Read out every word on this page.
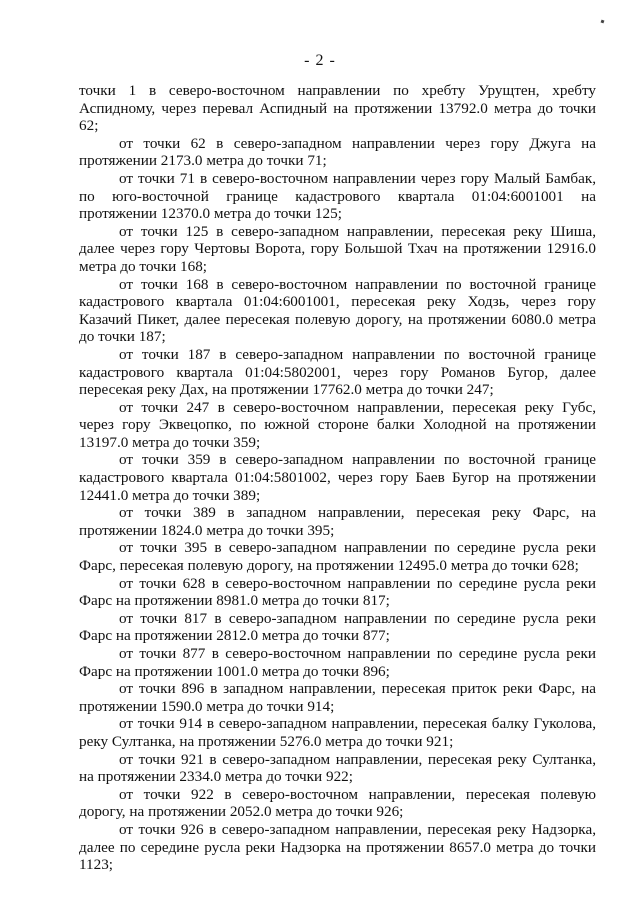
- 2 -

точки 1 в северо-восточном направлении по хребту Урущтен, хребту Аспидному, через перевал Аспидный на протяжении 13792.0 метра до точки 62;

от точки 62 в северо-западном направлении через гору Джуга на протяжении 2173.0 метра до точки 71;

от точки 71 в северо-восточном направлении через гору Малый Бамбак, по юго-восточной границе кадастрового квартала 01:04:6001001 на протяжении 12370.0 метра до точки 125;

от точки 125 в северо-западном направлении, пересекая реку Шиша, далее через гору Чертовы Ворота, гору Большой Тхач на протяжении 12916.0 метра до точки 168;

от точки 168 в северо-восточном направлении по восточной границе кадастрового квартала 01:04:6001001, пересекая реку Ходзь, через гору Казачий Пикет, далее пересекая полевую дорогу, на протяжении 6080.0 метра до точки 187;

от точки 187 в северо-западном направлении по восточной границе кадастрового квартала 01:04:5802001, через гору Романов Бугор, далее пересекая реку Дах, на протяжении 17762.0 метра до точки 247;

от точки 247 в северо-восточном направлении, пересекая реку Губс, через гору Эквецопко, по южной стороне балки Холодной на протяжении 13197.0 метра до точки 359;

от точки 359 в северо-западном направлении по восточной границе кадастрового квартала 01:04:5801002, через гору Баев Бугор на протяжении 12441.0 метра до точки 389;

от точки 389 в западном направлении, пересекая реку Фарс, на протяжении 1824.0 метра до точки 395;

от точки 395 в северо-западном направлении по середине русла реки Фарс, пересекая полевую дорогу, на протяжении 12495.0 метра до точки 628;

от точки 628 в северо-восточном направлении по середине русла реки Фарс на протяжении 8981.0 метра до точки 817;

от точки 817 в северо-западном направлении по середине русла реки Фарс на протяжении 2812.0 метра до точки 877;

от точки 877 в северо-восточном направлении по середине русла реки Фарс на протяжении 1001.0 метра до точки 896;

от точки 896 в западном направлении, пересекая приток реки Фарс, на протяжении 1590.0 метра до точки 914;

от точки 914 в северо-западном направлении, пересекая балку Гуколова, реку Султанка, на протяжении 5276.0 метра до точки 921;

от точки 921 в северо-западном направлении, пересекая реку Султанка, на протяжении 2334.0 метра до точки 922;

от точки 922 в северо-восточном направлении, пересекая полевую дорогу, на протяжении 2052.0 метра до точки 926;

от точки 926 в северо-западном направлении, пересекая реку Надзорка, далее по середине русла реки Надзорка на протяжении 8657.0 метра до точки 1123;
